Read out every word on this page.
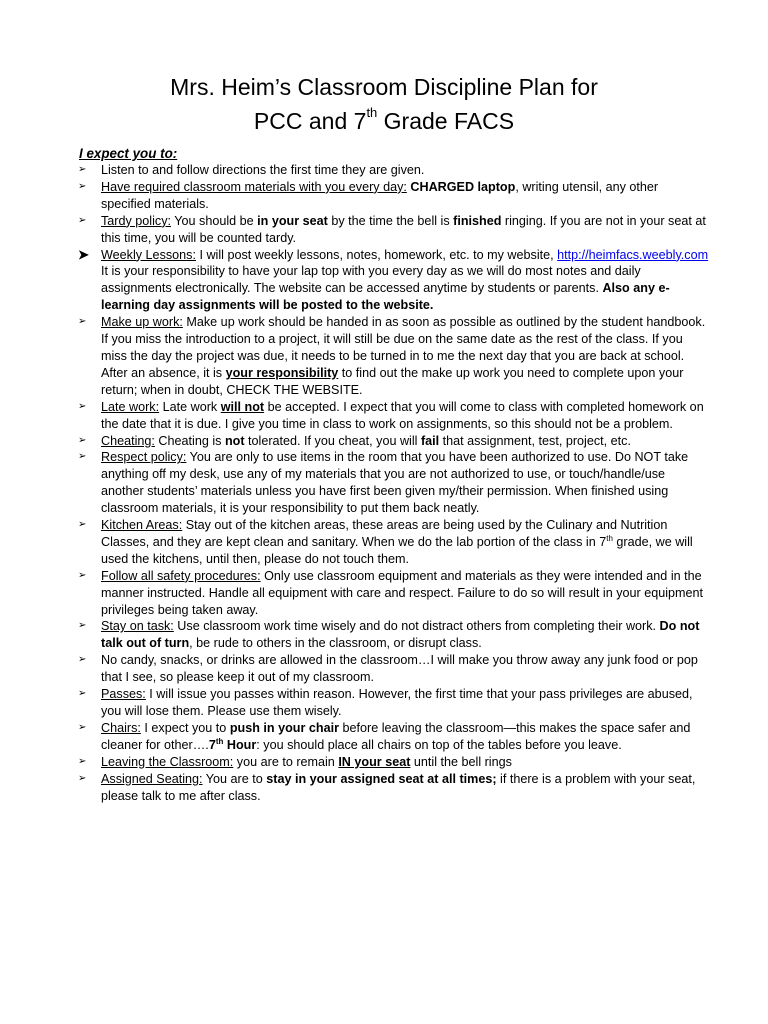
Mrs. Heim’s Classroom Discipline Plan for
PCC and 7th Grade FACS

I expect you to:

➢ Listen to and follow directions the first time they are given.
➢ Have required classroom materials with you every day: CHARGED laptop, writing utensil, any other specified materials.
➢ Tardy policy: You should be in your seat by the time the bell is finished ringing. If you are not in your seat at this time, you will be counted tardy.
➤ Weekly Lessons: I will post weekly lessons, notes, homework, etc. to my website, http://heimfacs.weebly.com It is your responsibility to have your lap top with you every day as we will do most notes and daily assignments electronically. The website can be accessed anytime by students or parents. Also any e-learning day assignments will be posted to the website.
➢ Make up work: Make up work should be handed in as soon as possible as outlined by the student handbook. If you miss the introduction to a project, it will still be due on the same date as the rest of the class. If you miss the day the project was due, it needs to be turned in to me the next day that you are back at school. After an absence, it is your responsibility to find out the make up work you need to complete upon your return; when in doubt, CHECK THE WEBSITE.
➢ Late work: Late work will not be accepted. I expect that you will come to class with completed homework on the date that it is due. I give you time in class to work on assignments, so this should not be a problem.
➢ Cheating: Cheating is not tolerated. If you cheat, you will fail that assignment, test, project, etc.
➢ Respect policy: You are only to use items in the room that you have been authorized to use. Do NOT take anything off my desk, use any of my materials that you are not authorized to use, or touch/handle/use another students’ materials unless you have first been given my/their permission. When finished using classroom materials, it is your responsibility to put them back neatly.
➢ Kitchen Areas: Stay out of the kitchen areas, these areas are being used by the Culinary and Nutrition Classes, and they are kept clean and sanitary. When we do the lab portion of the class in 7th grade, we will used the kitchens, until then, please do not touch them.
➢ Follow all safety procedures: Only use classroom equipment and materials as they were intended and in the manner instructed. Handle all equipment with care and respect. Failure to do so will result in your equipment privileges being taken away.
➢ Stay on task: Use classroom work time wisely and do not distract others from completing their work. Do not talk out of turn, be rude to others in the classroom, or disrupt class.
➢ No candy, snacks, or drinks are allowed in the classroom…I will make you throw away any junk food or pop that I see, so please keep it out of my classroom.
➢ Passes: I will issue you passes within reason. However, the first time that your pass privileges are abused, you will lose them. Please use them wisely.
➢ Chairs: I expect you to push in your chair before leaving the classroom—this makes the space safer and cleaner for other….7th Hour: you should place all chairs on top of the tables before you leave.
➢ Leaving the Classroom: you are to remain IN your seat until the bell rings
➢ Assigned Seating: You are to stay in your assigned seat at all times; if there is a problem with your seat, please talk to me after class.
